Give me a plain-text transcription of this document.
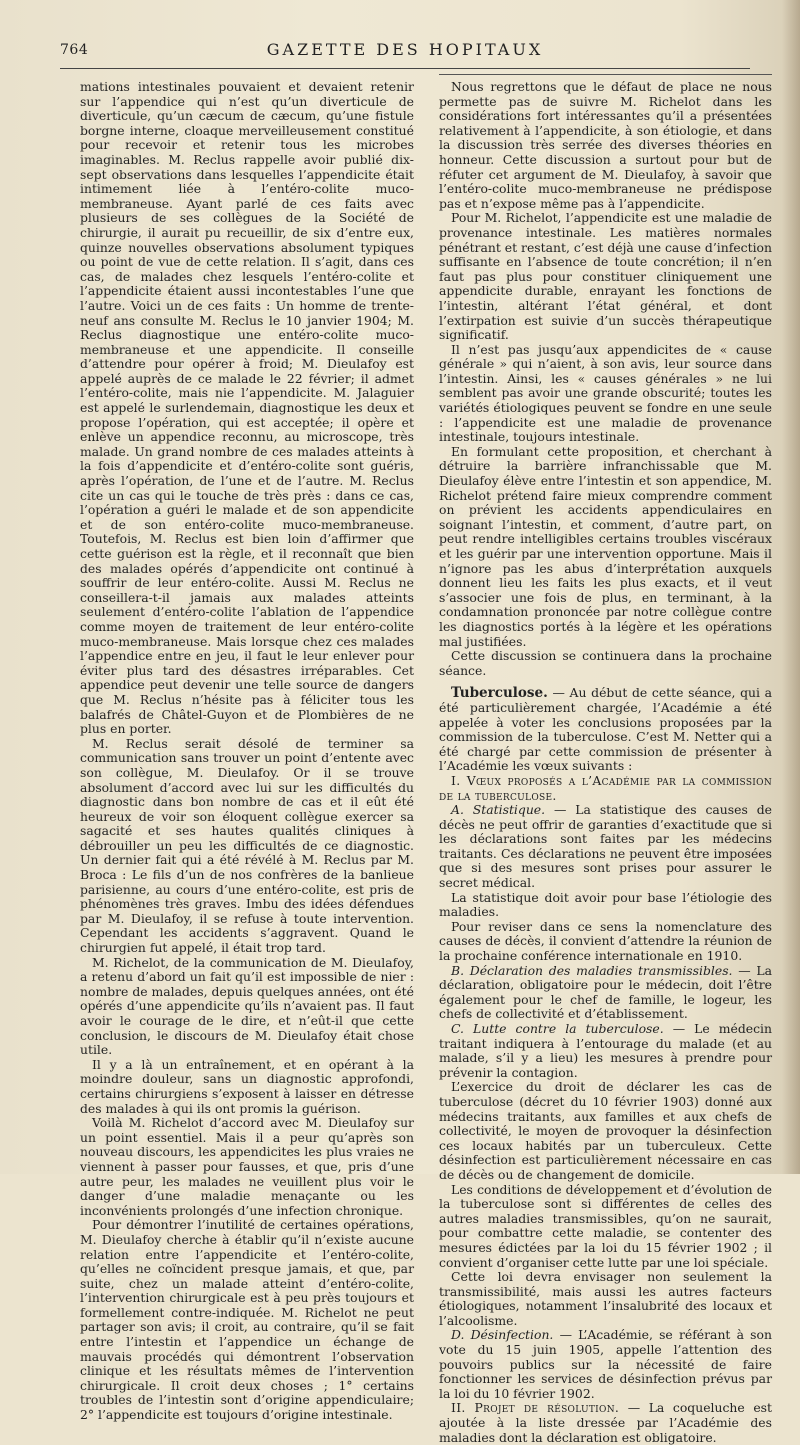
764	GAZETTE DES HOPITAUX

mations intestinales pouvaient et devaient retenir sur l’appendice qui n’est qu’un diverticule de diverticule, qu’un cæcum de cæcum, qu’une fistule borgne interne, cloaque merveilleusement constitué pour recevoir et retenir tous les microbes imaginables. M. Reclus rappelle avoir publié dix-sept observations dans lesquelles l’appendicite était intimement liée à l’entéro-colite muco-membraneuse. Ayant parlé de ces faits avec plusieurs de ses collègues de la Société de chirurgie, il aurait pu recueillir, de six d’entre eux, quinze nouvelles observations absolument typiques ou point de vue de cette relation. Il s’agit, dans ces cas, de malades chez lesquels l’entéro-colite et l’appendicite étaient aussi incontestables l’une que l’autre. Voici un de ces faits : Un homme de trente-neuf ans consulte M. Reclus le 10 janvier 1904; M. Reclus diagnostique une entéro-colite muco-membraneuse et une appendicite. Il conseille d’attendre pour opérer à froid; M. Dieulafoy est appelé auprès de ce malade le 22 février; il admet l’entéro-colite, mais nie l’appendicite. M. Jalaguier est appelé le surlendemain, diagnostique les deux et propose l’opération, qui est acceptée; il opère et enlève un appendice reconnu, au microscope, très malade. Un grand nombre de ces malades atteints à la fois d’appendicite et d’entéro-colite sont guéris, après l’opération, de l’une et de l’autre. M. Reclus cite un cas qui le touche de très près : dans ce cas, l’opération a guéri le malade et de son appendicite et de son entéro-colite muco-membraneuse. Toutefois, M. Reclus est bien loin d’affirmer que cette guérison est la règle, et il reconnaît que bien des malades opérés d’appendicite ont continué à souffrir de leur entéro-colite. Aussi M. Reclus ne conseillera-t-il jamais aux malades atteints seulement d’entéro-colite l’ablation de l’appendice comme moyen de traitement de leur entéro-colite muco-membraneuse. Mais lorsque chez ces malades l’appendice entre en jeu, il faut le leur enlever pour éviter plus tard des désastres irréparables. Cet appendice peut devenir une telle source de dangers que M. Reclus n’hésite pas à féliciter tous les balafrés de Châtel-Guyon et de Plombières de ne plus en porter.

M. Reclus serait désolé de terminer sa communication sans trouver un point d’entente avec son collègue, M. Dieulafoy. Or il se trouve absolument d’accord avec lui sur les difficultés du diagnostic dans bon nombre de cas et il eût été heureux de voir son éloquent collègue exercer sa sagacité et ses hautes qualités cliniques à débrouiller un peu les difficultés de ce diagnostic. Un dernier fait qui a été révélé à M. Reclus par M. Broca : Le fils d’un de nos confrères de la banlieue parisienne, au cours d’une entéro-colite, est pris de phénomènes très graves. Imbu des idées défendues par M. Dieulafoy, il se refuse à toute intervention. Cependant les accidents s’aggravent. Quand le chirurgien fut appelé, il était trop tard.

M. Richelot, de la communication de M. Dieulafoy, a retenu d’abord un fait qu’il est impossible de nier : nombre de malades, depuis quelques années, ont été opérés d’une appendicite qu’ils n’avaient pas. Il faut avoir le courage de le dire, et n’eût-il que cette conclusion, le discours de M. Dieulafoy était chose utile.

Il y a là un entraînement, et en opérant à la moindre douleur, sans un diagnostic approfondi, certains chirurgiens s’exposent à laisser en détresse des malades à qui ils ont promis la guérison.

Voilà M. Richelot d’accord avec M. Dieulafoy sur un point essentiel. Mais il a peur qu’après son nouveau discours, les appendicites les plus vraies ne viennent à passer pour fausses, et que, pris d’une autre peur, les malades ne veuillent plus voir le danger d’une maladie menaçante ou les inconvénients prolongés d’une infection chronique.

Pour démontrer l’inutilité de certaines opérations, M. Dieulafoy cherche à établir qu’il n’existe aucune relation entre l’appendicite et l’entéro-colite, qu’elles ne coïncident presque jamais, et que, par suite, chez un malade atteint d’entéro-colite, l’intervention chirurgicale est à peu près toujours et formellement contre-indiquée. M. Richelot ne peut partager son avis; il croit, au contraire, qu’il se fait entre l’intestin et l’appendice un échange de mauvais procédés qui démontrent l’observation clinique et les résultats mêmes de l’intervention chirurgicale. Il croit deux choses ; 1° certains troubles de l’intestin sont d’origine appendiculaire; 2° l’appendicite est toujours d’origine intestinale.

Nous regrettons que le défaut de place ne nous permette pas de suivre M. Richelot dans les considérations fort intéressantes qu’il a présentées relativement à l’appendicite, à son étiologie, et dans la discussion très serrée des diverses théories en honneur. Cette discussion a surtout pour but de réfuter cet argument de M. Dieulafoy, à savoir que l’entéro-colite muco-membraneuse ne prédispose pas et n’expose même pas à l’appendicite.

Pour M. Richelot, l’appendicite est une maladie de provenance intestinale. Les matières normales pénétrant et restant, c’est déjà une cause d’infection suffisante en l’absence de toute concrétion; il n’en faut pas plus pour constituer cliniquement une appendicite durable, enrayant les fonctions de l’intestin, altérant l’état général, et dont l’extirpation est suivie d’un succès thérapeutique significatif.

Il n’est pas jusqu’aux appendicites de « cause générale » qui n’aient, à son avis, leur source dans l’intestin. Ainsi, les « causes générales » ne lui semblent pas avoir une grande obscurité; toutes les variétés étiologiques peuvent se fondre en une seule : l’appendicite est une maladie de provenance intestinale, toujours intestinale.

En formulant cette proposition, et cherchant à détruire la barrière infranchissable que M. Dieulafoy élève entre l’intestin et son appendice, M. Richelot prétend faire mieux comprendre comment on prévient les accidents appendiculaires en soignant l’intestin, et comment, d’autre part, on peut rendre intelligibles certains troubles viscéraux et les guérir par une intervention opportune. Mais il n’ignore pas les abus d’interprétation auxquels donnent lieu les faits les plus exacts, et il veut s’associer une fois de plus, en terminant, à la condamnation prononcée par notre collègue contre les diagnostics portés à la légère et les opérations mal justifiées.

Cette discussion se continuera dans la prochaine séance.

Tuberculose. — Au début de cette séance, qui a été particulièrement chargée, l’Académie a été appelée à voter les conclusions proposées par la commission de la tuberculose. C’est M. Netter qui a été chargé par cette commission de présenter à l’Académie les vœux suivants :

I. Vœux proposés a l’Académie par la commission de la tuberculose.

A. Statistique. — La statistique des causes de décès ne peut offrir de garanties d’exactitude que si les déclarations sont faites par les médecins traitants. Ces déclarations ne peuvent être imposées que si des mesures sont prises pour assurer le secret médical.

La statistique doit avoir pour base l’étiologie des maladies.

Pour reviser dans ce sens la nomenclature des causes de décès, il convient d’attendre la réunion de la prochaine conférence internationale en 1910.

B. Déclaration des maladies transmissibles. — La déclaration, obligatoire pour le médecin, doit l’être également pour le chef de famille, le logeur, les chefs de collectivité et d’établissement.

C. Lutte contre la tuberculose. — Le médecin traitant indiquera à l’entourage du malade (et au malade, s’il y a lieu) les mesures à prendre pour prévenir la contagion.

L’exercice du droit de déclarer les cas de tuberculose (décret du 10 février 1903) donné aux médecins traitants, aux familles et aux chefs de collectivité, le moyen de provoquer la désinfection ces locaux habités par un tuberculeux. Cette désinfection est particulièrement nécessaire en cas de décès ou de changement de domicile.

Les conditions de développement et d’évolution de la tuberculose sont si différentes de celles des autres maladies transmissibles, qu’on ne saurait, pour combattre cette maladie, se contenter des mesures édictées par la loi du 15 février 1902 ; il convient d’organiser cette lutte par une loi spéciale.

Cette loi devra envisager non seulement la transmissibilité, mais aussi les autres facteurs étiologiques, notamment l’insalubrité des locaux et l’alcoolisme.

D. Désinfection. — L’Académie, se référant à son vote du 15 juin 1905, appelle l’attention des pouvoirs publics sur la nécessité de faire fonctionner les services de désinfection prévus par la loi du 10 février 1902.

II. Projet de résolution. — La coqueluche est ajoutée à la liste dressée par l’Académie des maladies dont la déclaration est obligatoire.
